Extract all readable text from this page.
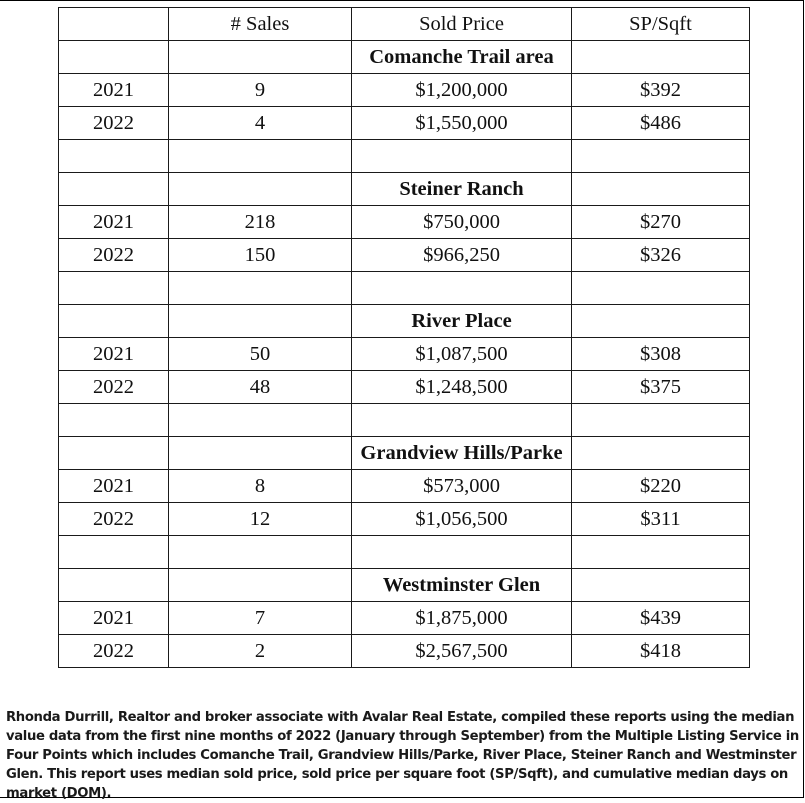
	# Sales	Sold Price	SP/Sqft
		Comanche Trail area	
2021	9	$1,200,000	$392
2022	4	$1,550,000	$486

		Steiner Ranch	
2021	218	$750,000	$270
2022	150	$966,250	$326

		River Place	
2021	50	$1,087,500	$308
2022	48	$1,248,500	$375

		Grandview Hills/Parke	
2021	8	$573,000	$220
2022	12	$1,056,500	$311

		Westminster Glen	
2021	7	$1,875,000	$439
2022	2	$2,567,500	$418
Rhonda Durrill, Realtor and broker associate with Avalar Real Estate, compiled these reports using the median value data from the first nine months of 2022 (January through September) from the Multiple Listing Service in Four Points which includes Comanche Trail, Grandview Hills/Parke, River Place, Steiner Ranch and Westminster Glen. This report uses median sold price, sold price per square foot (SP/Sqft), and cumulative median days on market (DOM).
